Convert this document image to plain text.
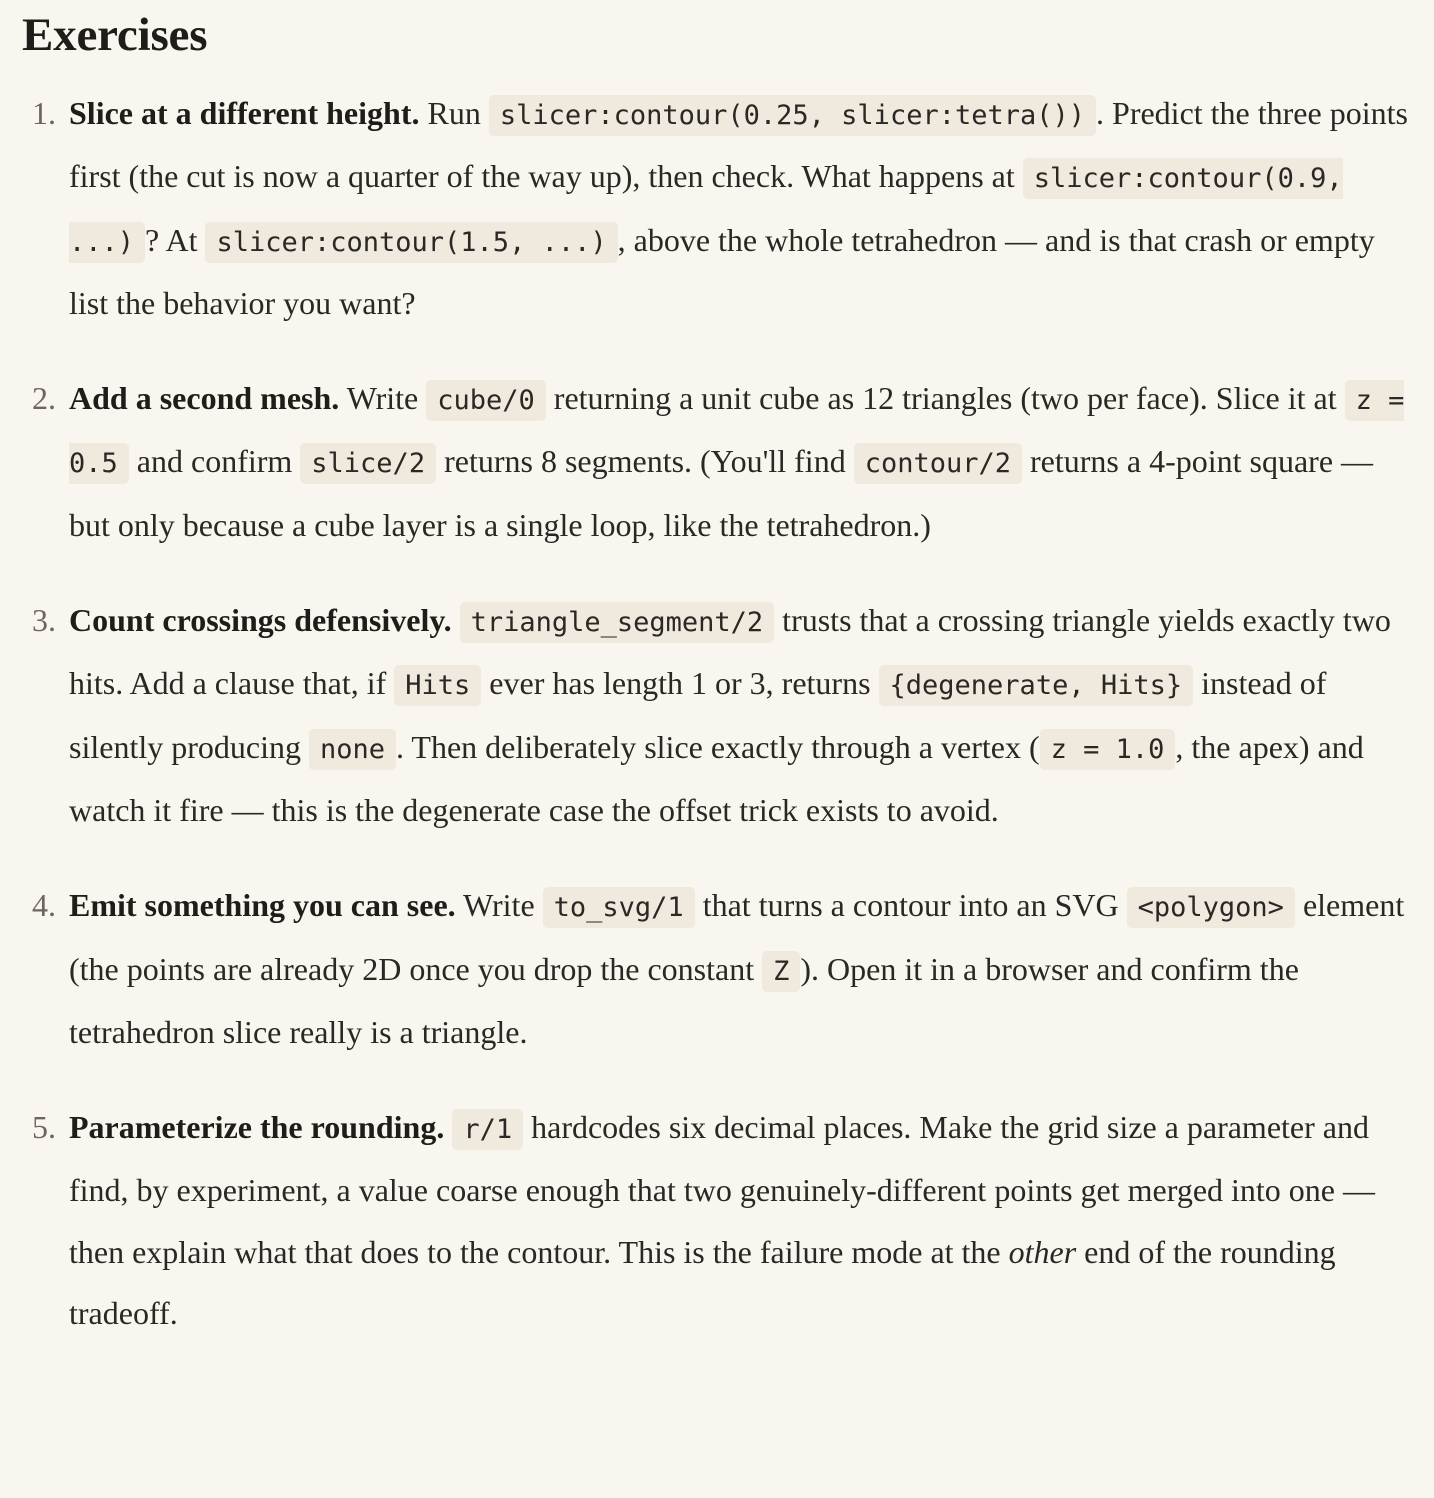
Exercises
1. Slice at a different height. Run slicer:contour(0.25, slicer:tetra()) . Predict the three points first (the cut is now a quarter of the way up), then check. What happens at slicer:contour(0.9, ...) ? At slicer:contour(1.5, ...) , above the whole tetrahedron — and is that crash or empty list the behavior you want?
2. Add a second mesh. Write cube/0 returning a unit cube as 12 triangles (two per face). Slice it at z = 0.5 and confirm slice/2 returns 8 segments. (You'll find contour/2 returns a 4-point square — but only because a cube layer is a single loop, like the tetrahedron.)
3. Count crossings defensively. triangle_segment/2 trusts that a crossing triangle yields exactly two hits. Add a clause that, if Hits ever has length 1 or 3, returns {degenerate, Hits} instead of silently producing none . Then deliberately slice exactly through a vertex ( z = 1.0 , the apex) and watch it fire — this is the degenerate case the offset trick exists to avoid.
4. Emit something you can see. Write to_svg/1 that turns a contour into an SVG <polygon> element (the points are already 2D once you drop the constant Z ). Open it in a browser and confirm the tetrahedron slice really is a triangle.
5. Parameterize the rounding. r/1 hardcodes six decimal places. Make the grid size a parameter and find, by experiment, a value coarse enough that two genuinely-different points get merged into one — then explain what that does to the contour. This is the failure mode at the other end of the rounding tradeoff.
